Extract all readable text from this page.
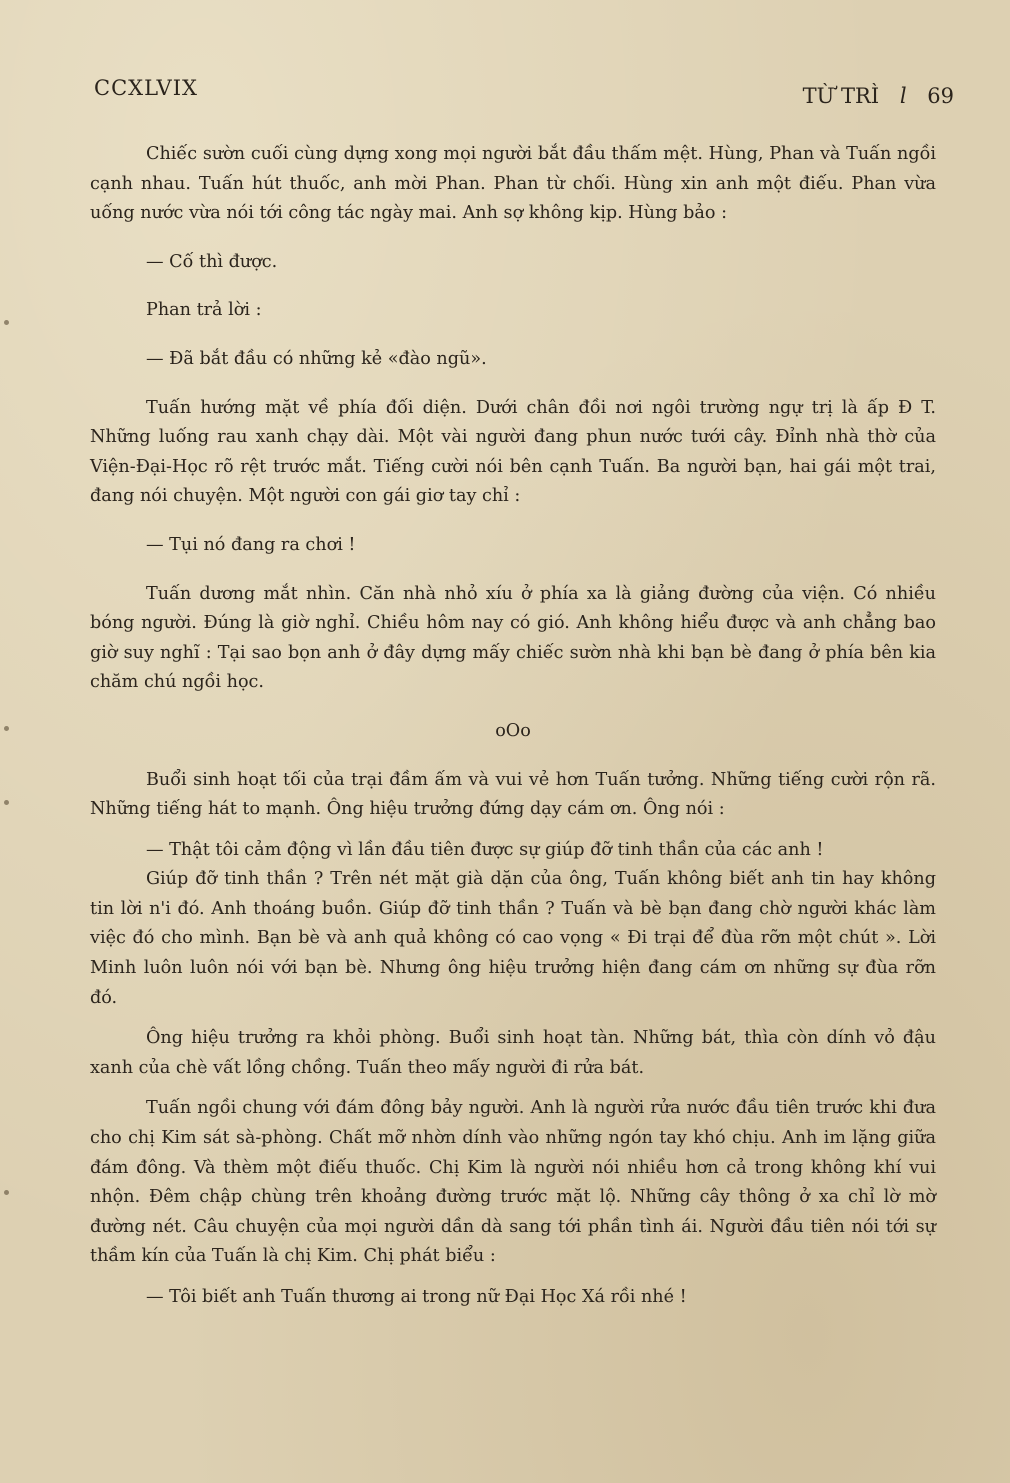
CCXLVIX	TỪ TRÌ l 69

Chiếc sườn cuối cùng dựng xong mọi người bắt đầu thấm mệt. Hùng, Phan và Tuấn ngồi cạnh nhau. Tuấn hút thuốc, anh mời Phan. Phan từ chối. Hùng xin anh một điếu. Phan vừa uống nước vừa nói tới công tác ngày mai. Anh sợ không kịp. Hùng bảo :

— Cố thì được.

Phan trả lời :

— Đã bắt đầu có những kẻ «đào ngũ».

Tuấn hướng mặt về phía đối diện. Dưới chân đồi nơi ngôi trường ngự trị là ấp Đ T. Những luống rau xanh chạy dài. Một vài người đang phun nước tưới cây. Đỉnh nhà thờ của Viện-Đại-Học rõ rệt trước mắt. Tiếng cười nói bên cạnh Tuấn. Ba người bạn, hai gái một trai, đang nói chuyện. Một người con gái giơ tay chỉ :

— Tụi nó đang ra chơi !

Tuấn dương mắt nhìn. Căn nhà nhỏ xíu ở phía xa là giảng đường của viện. Có nhiều bóng người. Đúng là giờ nghỉ. Chiều hôm nay có gió. Anh không hiểu được và anh chẳng bao giờ suy nghĩ : Tại sao bọn anh ở đây dựng mấy chiếc sườn nhà khi bạn bè đang ở phía bên kia chăm chú ngồi học.

oOo

Buổi sinh hoạt tối của trại đầm ấm và vui vẻ hơn Tuấn tưởng. Những tiếng cười rộn rã. Những tiếng hát to mạnh. Ông hiệu trưởng đứng dạy cám ơn. Ông nói :

— Thật tôi cảm động vì lần đầu tiên được sự giúp đỡ tinh thần của các anh !

Giúp đỡ tinh thần ? Trên nét mặt già dặn của ông, Tuấn không biết anh tin hay không tin lời n'i đó. Anh thoáng buồn. Giúp đỡ tinh thần ? Tuấn và bè bạn đang chờ người khác làm việc đó cho mình. Bạn bè và anh quả không có cao vọng « Đi trại để đùa rỡn một chút ». Lời Minh luôn luôn nói với bạn bè. Nhưng ông hiệu trưởng hiện đang cám ơn những sự đùa rỡn đó.

Ông hiệu trưởng ra khỏi phòng. Buổi sinh hoạt tàn. Những bát, thìa còn dính vỏ đậu xanh của chè vất lồng chồng. Tuấn theo mấy người đi rửa bát.

Tuấn ngồi chung với đám đông bảy người. Anh là người rửa nước đầu tiên trước khi đưa cho chị Kim sát sà-phòng. Chất mỡ nhờn dính vào những ngón tay khó chịu. Anh im lặng giữa đám đông. Và thèm một điếu thuốc. Chị Kim là người nói nhiều hơn cả trong không khí vui nhộn. Đêm chập chùng trên khoảng đường trước mặt lộ. Những cây thông ở xa chỉ lờ mờ đường nét. Câu chuyện của mọi người dần dà sang tới phần tình ái. Người đầu tiên nói tới sự thầm kín của Tuấn là chị Kim. Chị phát biểu :

— Tôi biết anh Tuấn thương ai trong nữ Đại Học Xá rồi nhé !
